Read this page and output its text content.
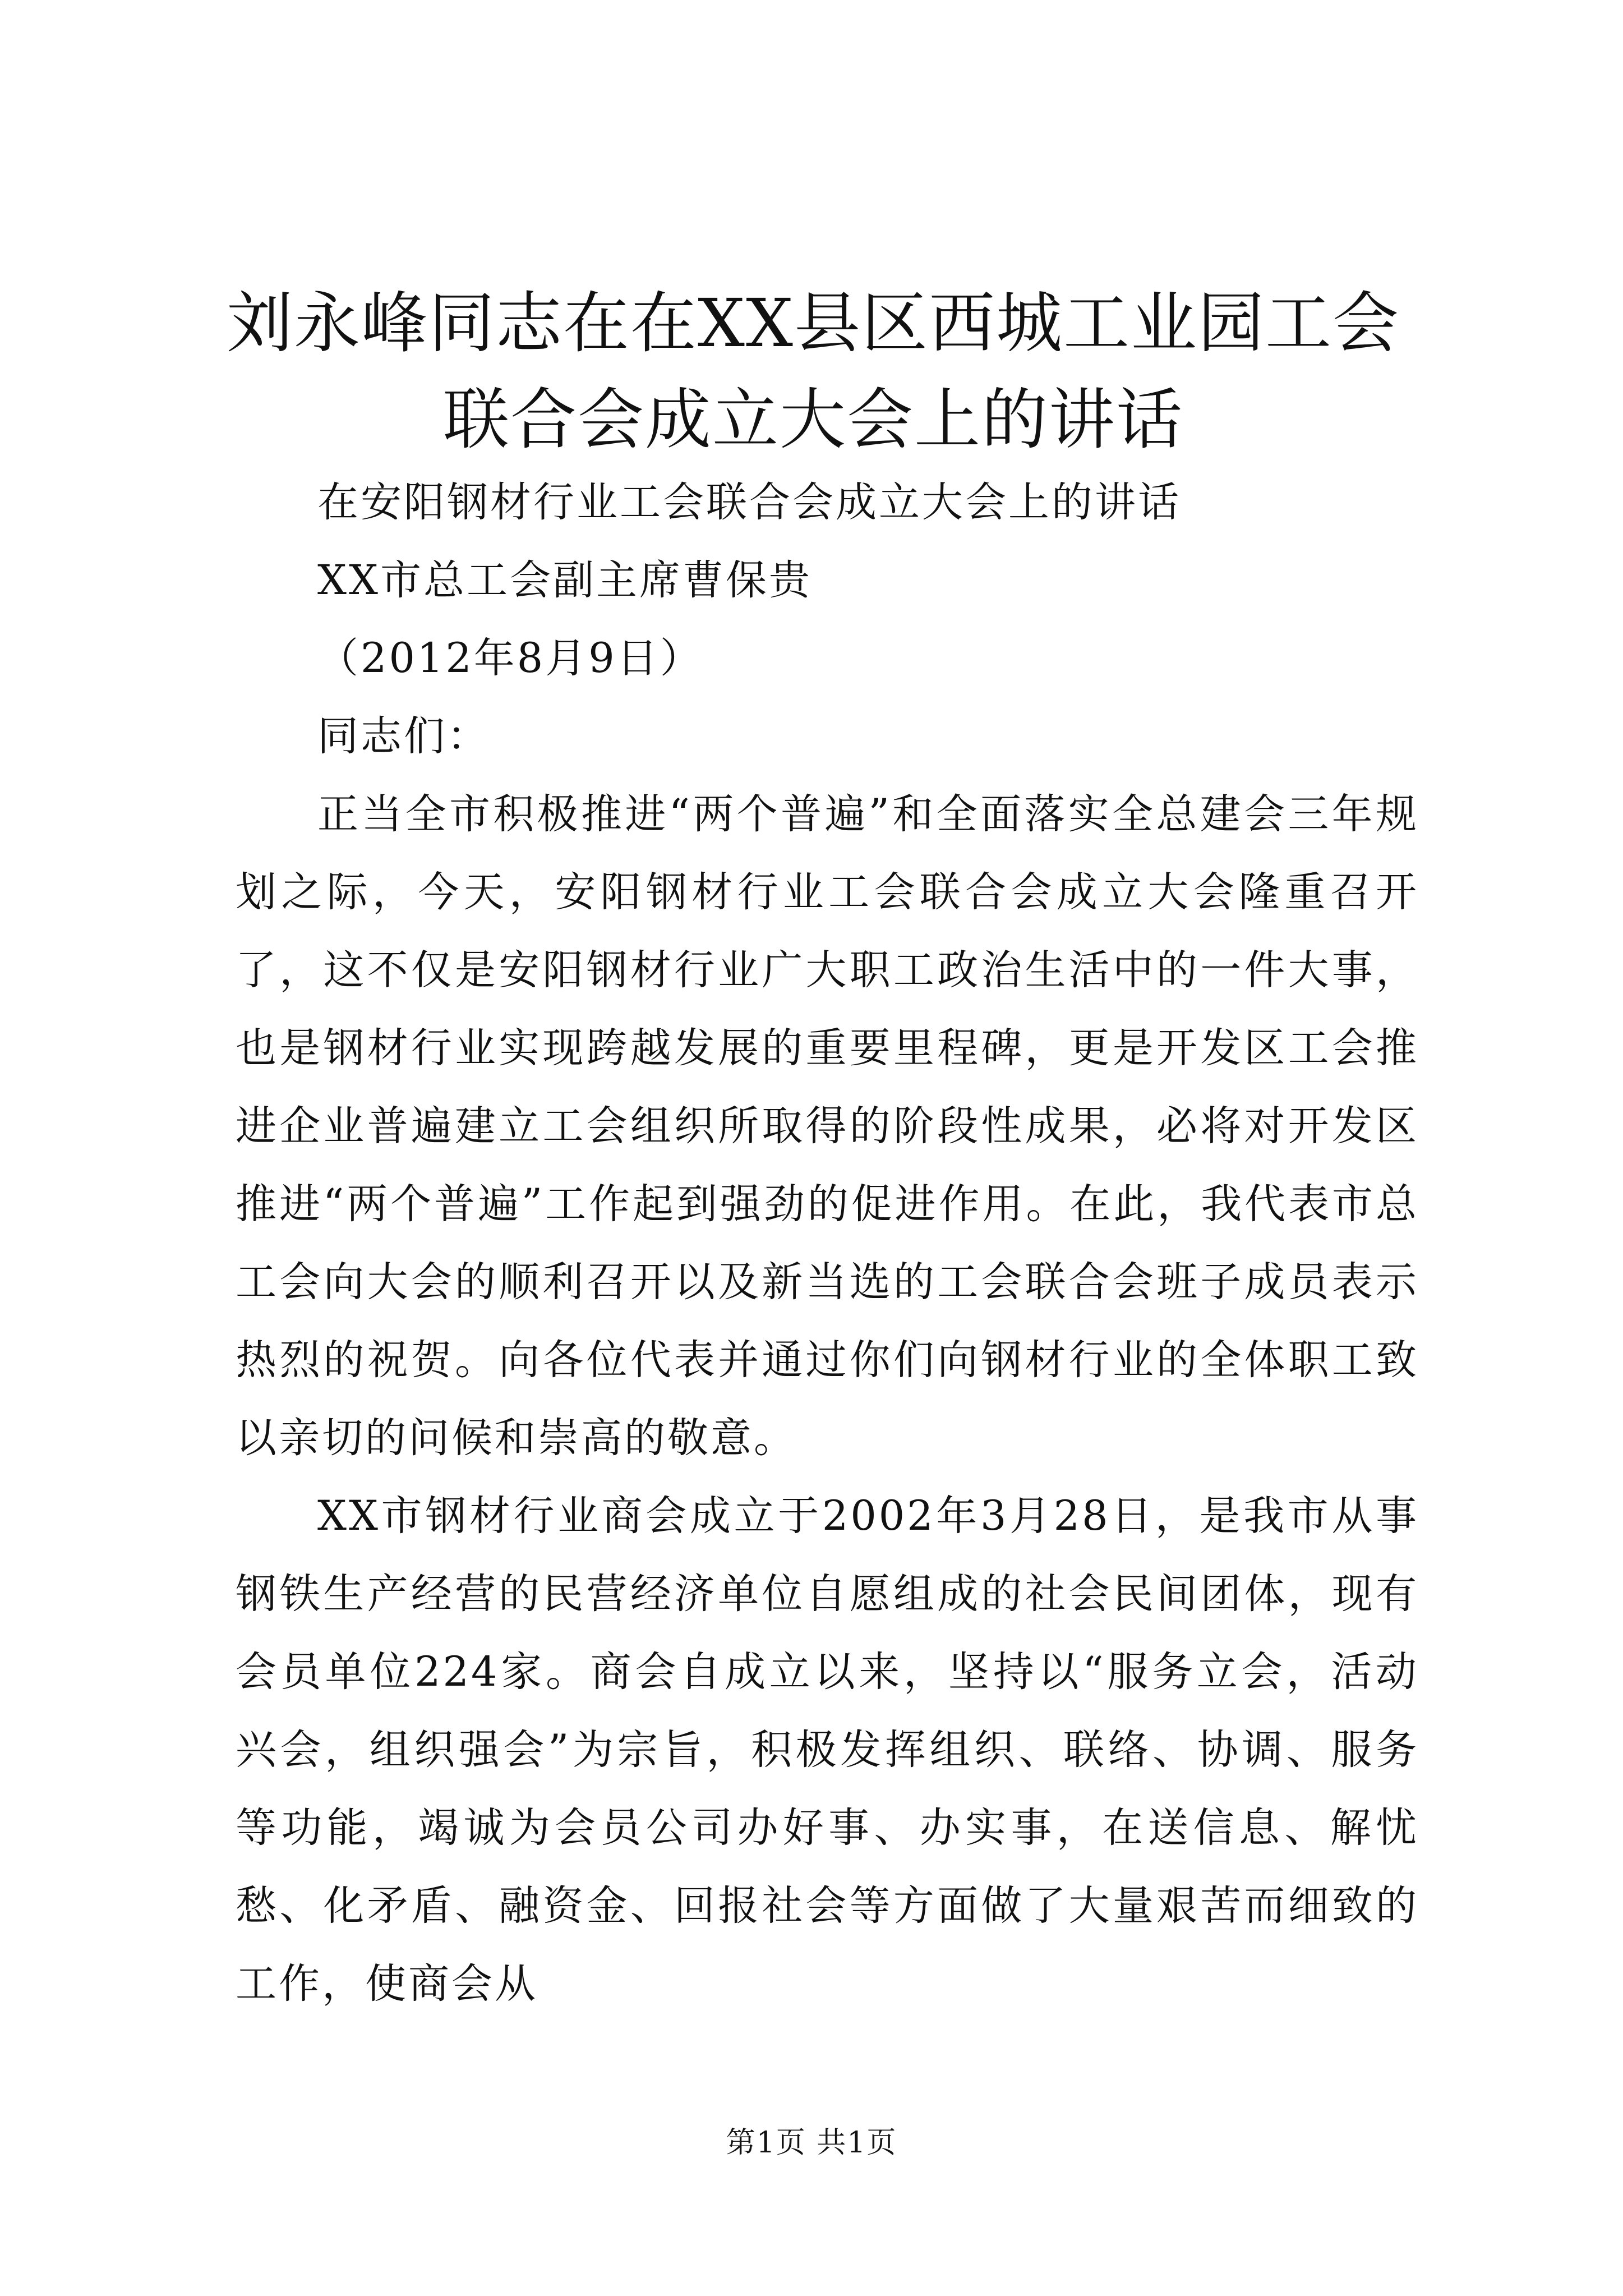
刘永峰同志在在XX县区西城工业园工会联合会成立大会上的讲话

在安阳钢材行业工会联合会成立大会上的讲话

XX市总工会副主席曹保贵

（2012年8月9日）

同志们：

正当全市积极推进“两个普遍”和全面落实全总建会三年规划之际，今天，安阳钢材行业工会联合会成立大会隆重召开了，这不仅是安阳钢材行业广大职工政治生活中的一件大事，也是钢材行业实现跨越发展的重要里程碑，更是开发区工会推进企业普遍建立工会组织所取得的阶段性成果，必将对开发区推进“两个普遍”工作起到强劲的促进作用。在此，我代表市总工会向大会的顺利召开以及新当选的工会联合会班子成员表示热烈的祝贺。向各位代表并通过你们向钢材行业的全体职工致以亲切的问候和崇高的敬意。

XX市钢材行业商会成立于2002年3月28日，是我市从事钢铁生产经营的民营经济单位自愿组成的社会民间团体，现有会员单位224家。商会自成立以来，坚持以“服务立会，活动兴会，组织强会”为宗旨，积极发挥组织、联络、协调、服务等功能，竭诚为会员公司办好事、办实事，在送信息、解忧愁、化矛盾、融资金、回报社会等方面做了大量艰苦而细致的工作，使商会从

第1页 共1页
